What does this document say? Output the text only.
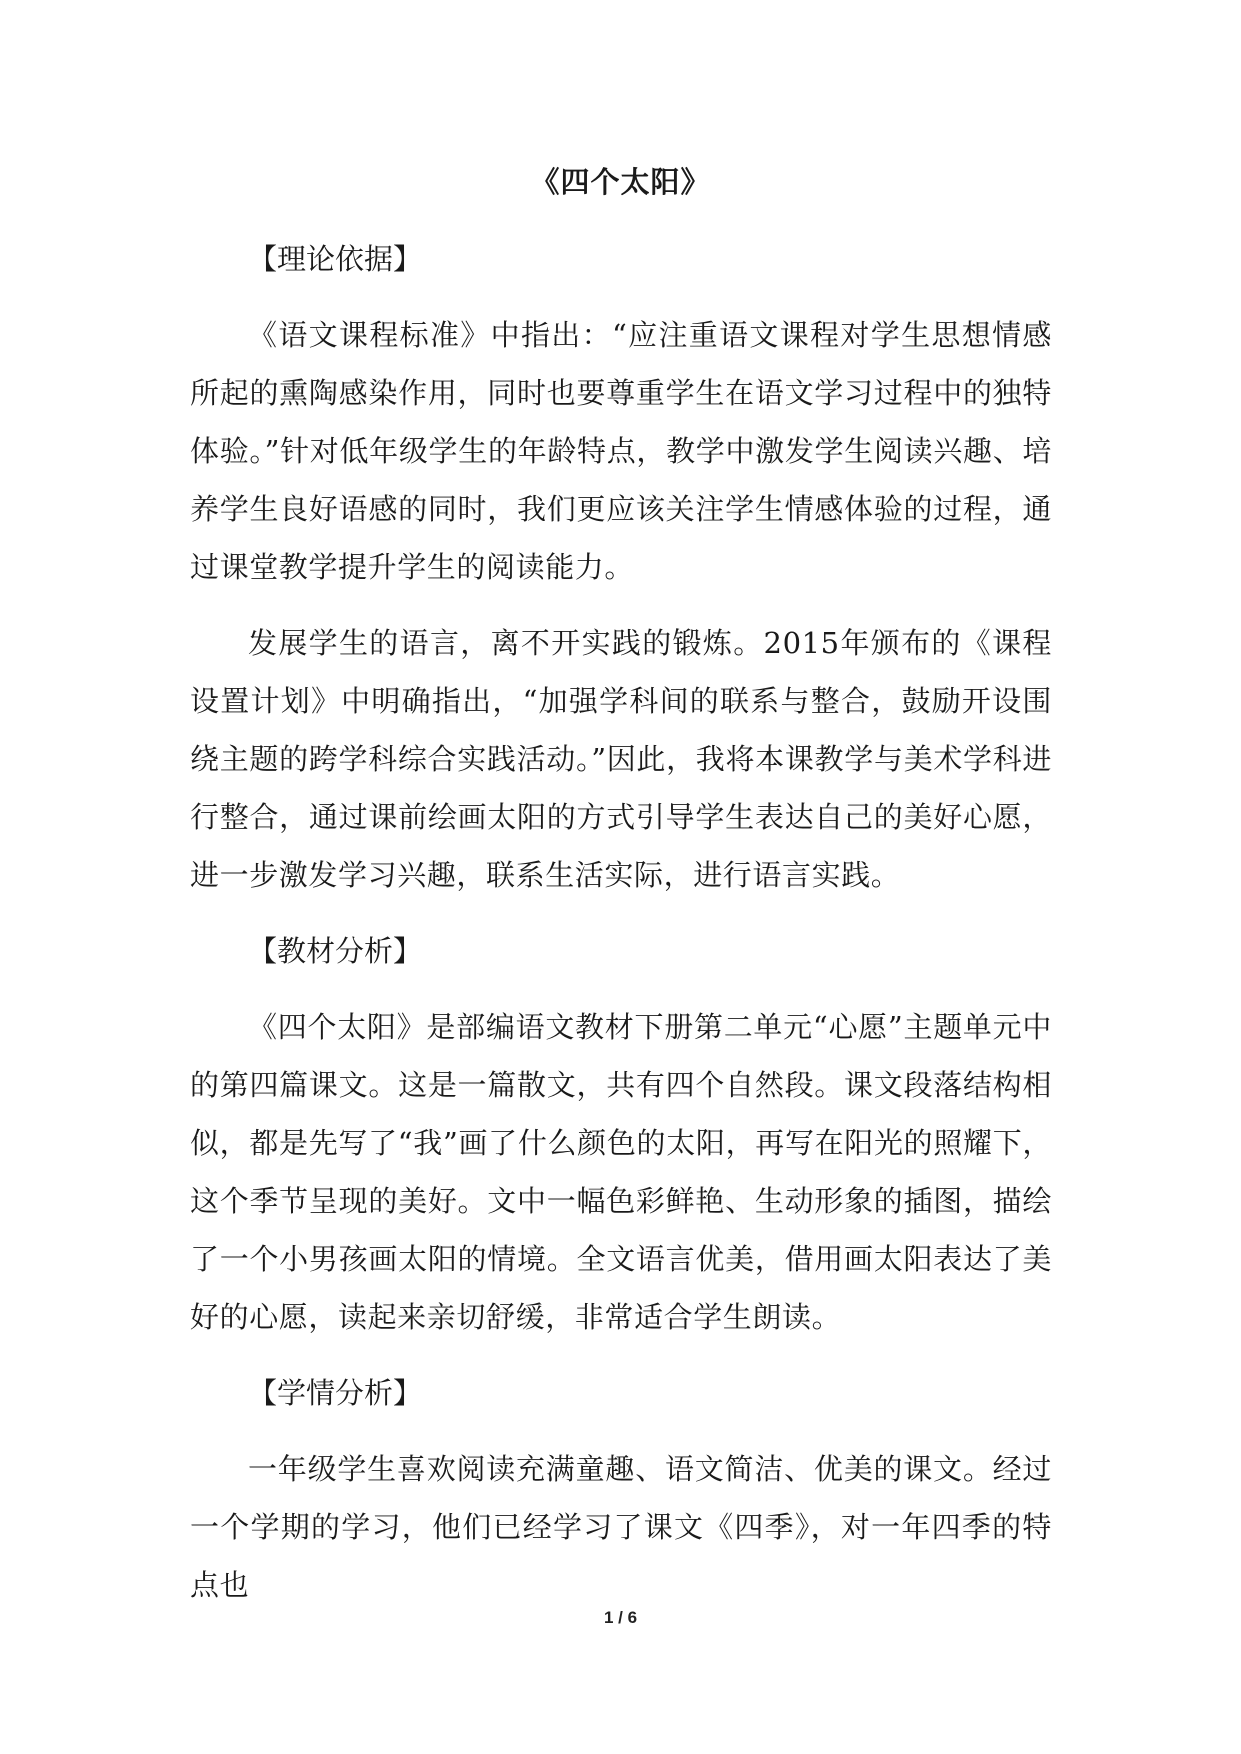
《四个太阳》
【理论依据】

《语文课程标准》中指出：“应注重语文课程对学生思想情感所起的熏陶感染作用，同时也要尊重学生在语文学习过程中的独特体验。”针对低年级学生的年龄特点，教学中激发学生阅读兴趣、培养学生良好语感的同时，我们更应该关注学生情感体验的过程，通过课堂教学提升学生的阅读能力。

发展学生的语言，离不开实践的锻炼。2015年颁布的《课程设置计划》中明确指出，“加强学科间的联系与整合，鼓励开设围绕主题的跨学科综合实践活动。”因此，我将本课教学与美术学科进行整合，通过课前绘画太阳的方式引导学生表达自己的美好心愿，进一步激发学习兴趣，联系生活实际，进行语言实践。

【教材分析】

《四个太阳》是部编语文教材下册第二单元“心愿”主题单元中的第四篇课文。这是一篇散文，共有四个自然段。课文段落结构相似，都是先写了“我”画了什么颜色的太阳，再写在阳光的照耀下，这个季节呈现的美好。文中一幅色彩鲜艳、生动形象的插图，描绘了一个小男孩画太阳的情境。全文语言优美，借用画太阳表达了美好的心愿，读起来亲切舒缓，非常适合学生朗读。

【学情分析】

一年级学生喜欢阅读充满童趣、语文简洁、优美的课文。经过一个学期的学习，他们已经学习了课文《四季》，对一年四季的特点也

1 / 6
